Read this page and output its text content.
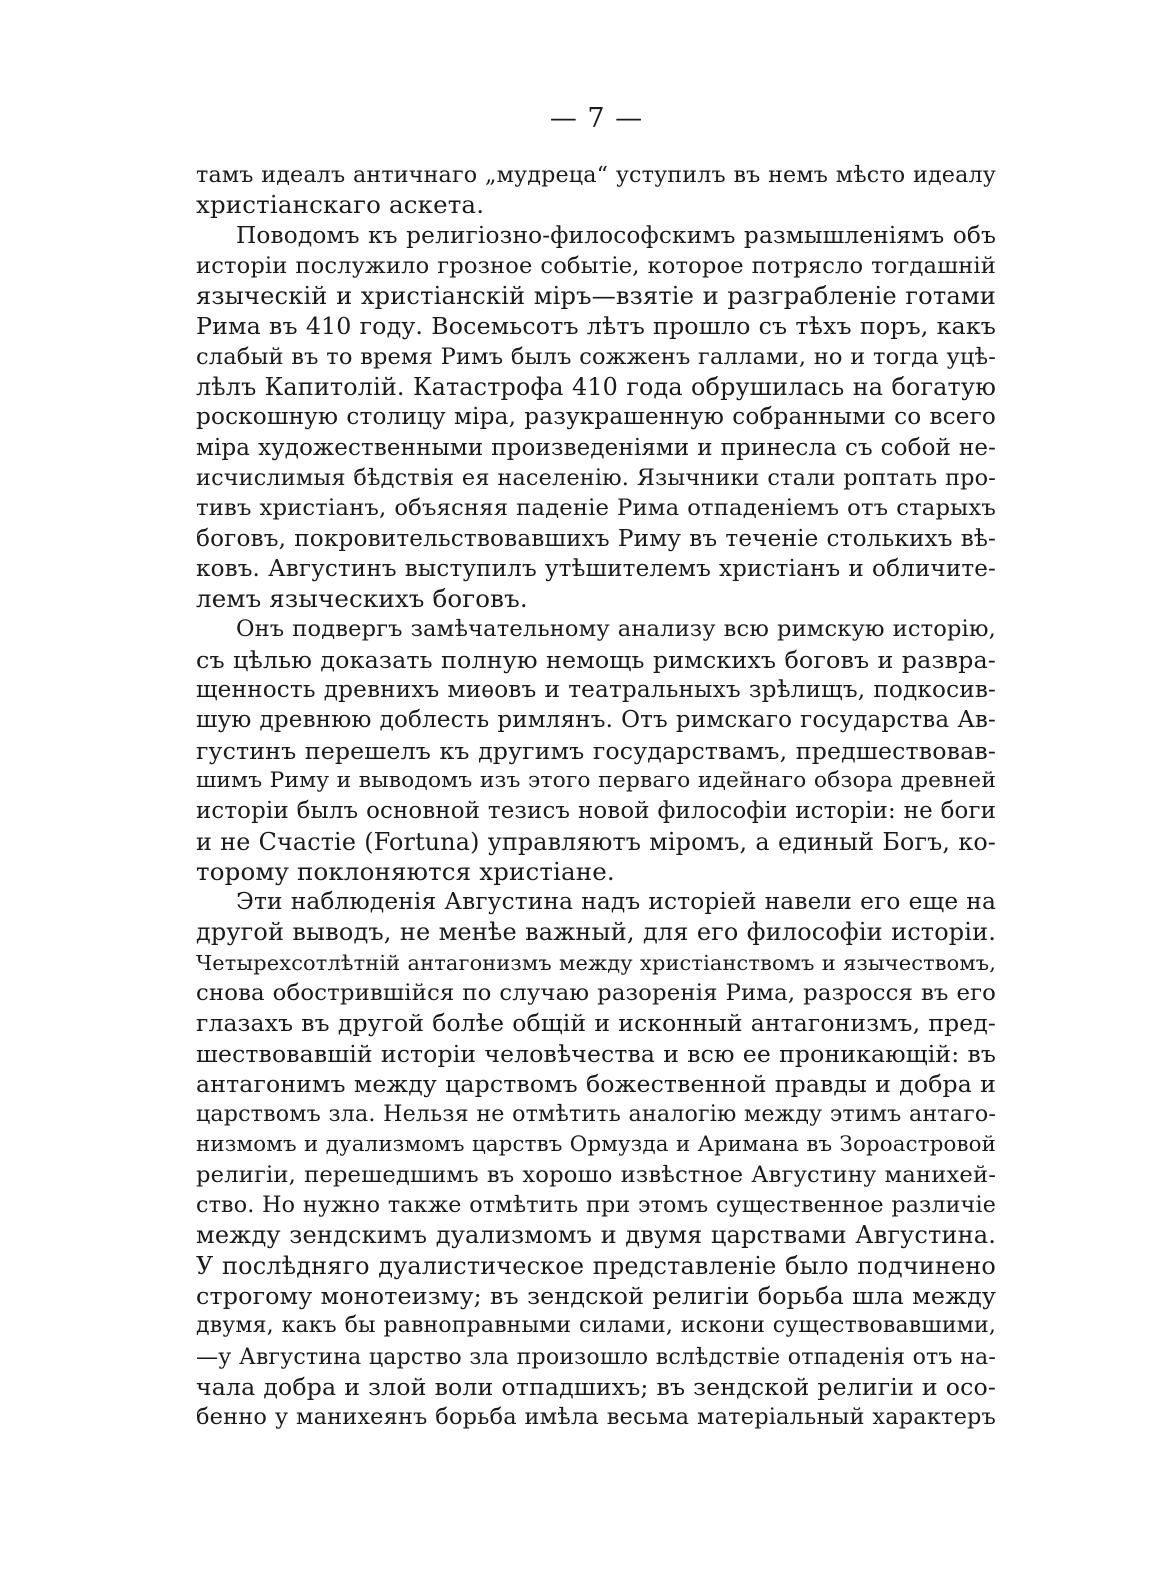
— 7 —
тамъ идеалъ античнаго „мудреца“ уступилъ въ немъ мѣсто идеалу
христіанскаго аскета.
Поводомъ къ религіозно-философскимъ размышленіямъ объ
исторіи послужило грозное событіе, которое потрясло тогдашній
языческій и христіанскій міръ—взятіе и разграбленіе готами
Рима въ 410 году. Восемьсотъ лѣтъ прошло съ тѣхъ поръ, какъ
слабый въ то время Римъ былъ сожженъ галлами, но и тогда уцѣ-
лѣлъ Капитолій. Катастрофа 410 года обрушилась на богатую
роскошную столицу міра, разукрашенную собранными со всего
міра художественными произведеніями и принесла съ собой не-
исчислимыя бѣдствія ея населенію. Язычники стали роптать про-
тивъ христіанъ, объясняя паденіе Рима отпаденіемъ отъ старыхъ
боговъ, покровительствовавшихъ Риму въ теченіе столькихъ вѣ-
ковъ. Августинъ выступилъ утѣшителемъ христіанъ и обличите-
лемъ языческихъ боговъ.
Онъ подвергъ замѣчательному анализу всю римскую исторію,
съ цѣлью доказать полную немощь римскихъ боговъ и развра-
щенность древнихъ миѳовъ и театральныхъ зрѣлищъ, подкосив-
шую древнюю доблесть римлянъ. Отъ римскаго государства Ав-
густинъ перешелъ къ другимъ государствамъ, предшествовав-
шимъ Риму и выводомъ изъ этого перваго идейнаго обзора древней
исторіи былъ основной тезисъ новой философіи исторіи: не боги
и не Счастіе (Fortuna) управляютъ міромъ, а единый Богъ, ко-
торому поклоняются христіане.
Эти наблюденія Августина надъ исторіей навели его еще на
другой выводъ, не менѣе важный, для его философіи исторіи.
Четырехсотлѣтній антагонизмъ между христіанствомъ и язычествомъ,
снова обострившійся по случаю разоренія Рима, разросся въ его
глазахъ въ другой болѣе общій и исконный антагонизмъ, пред-
шествовавшій исторіи человѣчества и всю ее проникающій: въ
антагонимъ между царствомъ божественной правды и добра и
царствомъ зла. Нельзя не отмѣтить аналогію между этимъ антаго-
низмомъ и дуализмомъ царствъ Ормузда и Аримана въ Зороастровой
религіи, перешедшимъ въ хорошо извѣстное Августину манихей-
ство. Но нужно также отмѣтить при этомъ существенное различіе
между зендскимъ дуализмомъ и двумя царствами Августина.
У послѣдняго дуалистическое представленіе было подчинено
строгому монотеизму; въ зендской религіи борьба шла между
двумя, какъ бы равноправными силами, искони существовавшими,
—у Августина царство зла произошло вслѣдствіе отпаденія отъ на-
чала добра и злой воли отпадшихъ; въ зендской религіи и осо-
бенно у манихеянъ борьба имѣла весьма матеріальный характеръ
